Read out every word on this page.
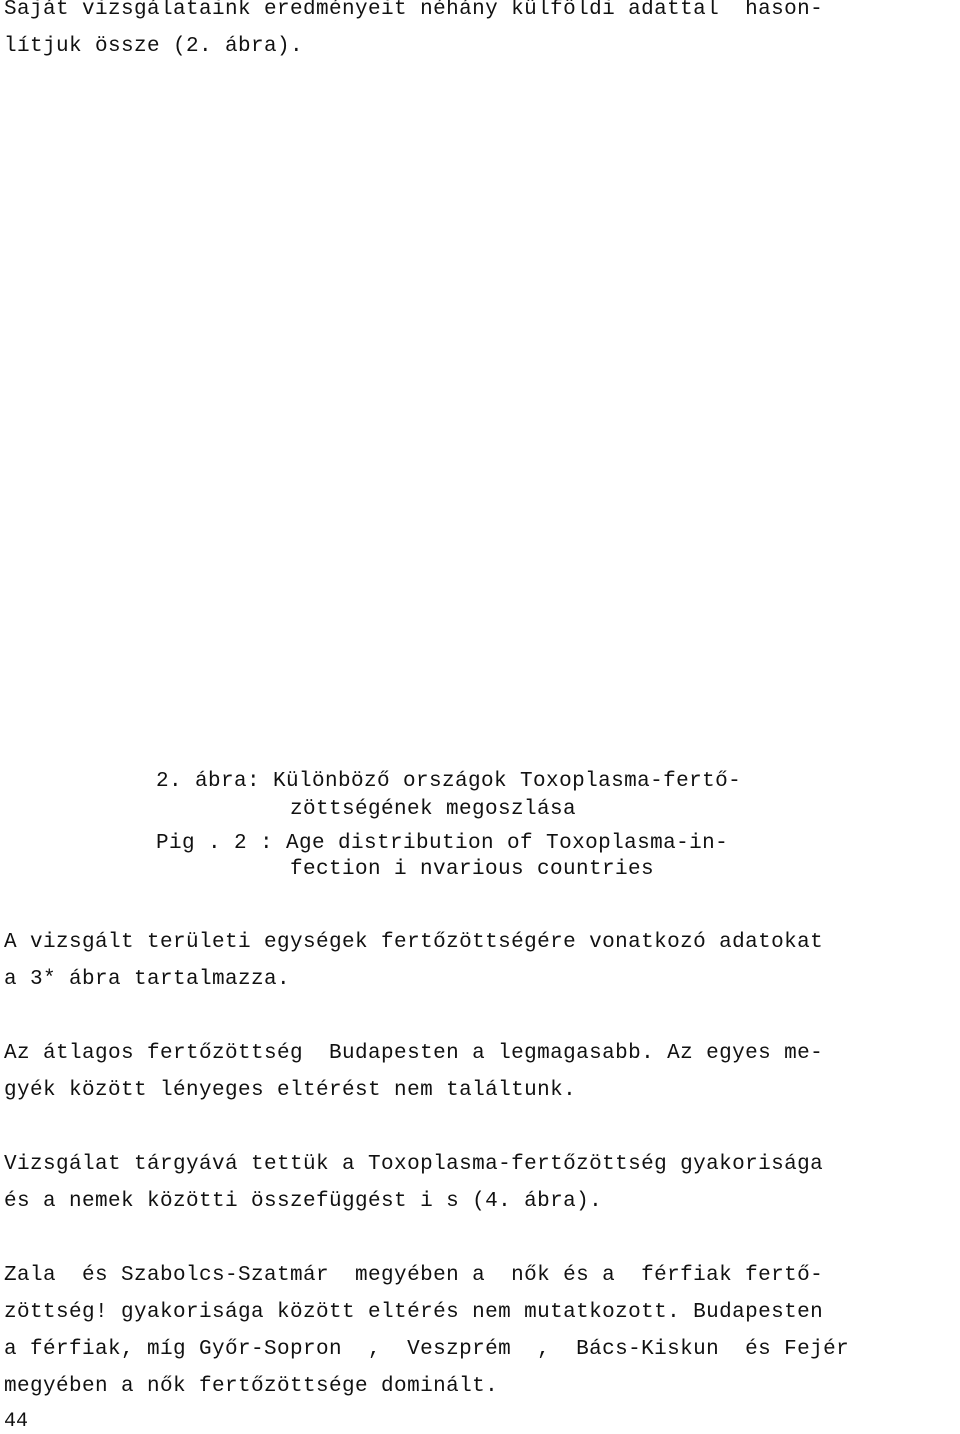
Saját vizsgálataink eredményeit néhány külföldi adattal  hason-
lítjuk össze (2. ábra).
2. ábra: Különböző országok Toxoplasma-fertő-
zöttségének megoszlása
Pig . 2 : Age distribution of Toxoplasma-in-
fection i nvarious countries
A vizsgált területi egységek fertőzöttségére vonatkozó adatokat
a 3* ábra tartalmazza.
Az átlagos fertőzöttség  Budapesten a legmagasabb. Az egyes me-
gyék között lényeges eltérést nem találtunk.
Vizsgálat tárgyává tettük a Toxoplasma-fertőzöttség gyakorisága
és a nemek közötti összefüggést i s (4. ábra).
Zala  és Szabolcs-Szatmár  megyében a  nők és a  férfiak fertő-
zöttség! gyakorisága között eltérés nem mutatkozott. Budapesten
a férfiak, míg Győr-Sopron  ,  Veszprém  ,  Bács-Kiskun  és Fejér
megyében a nők fertőzöttsége dominált.
44
